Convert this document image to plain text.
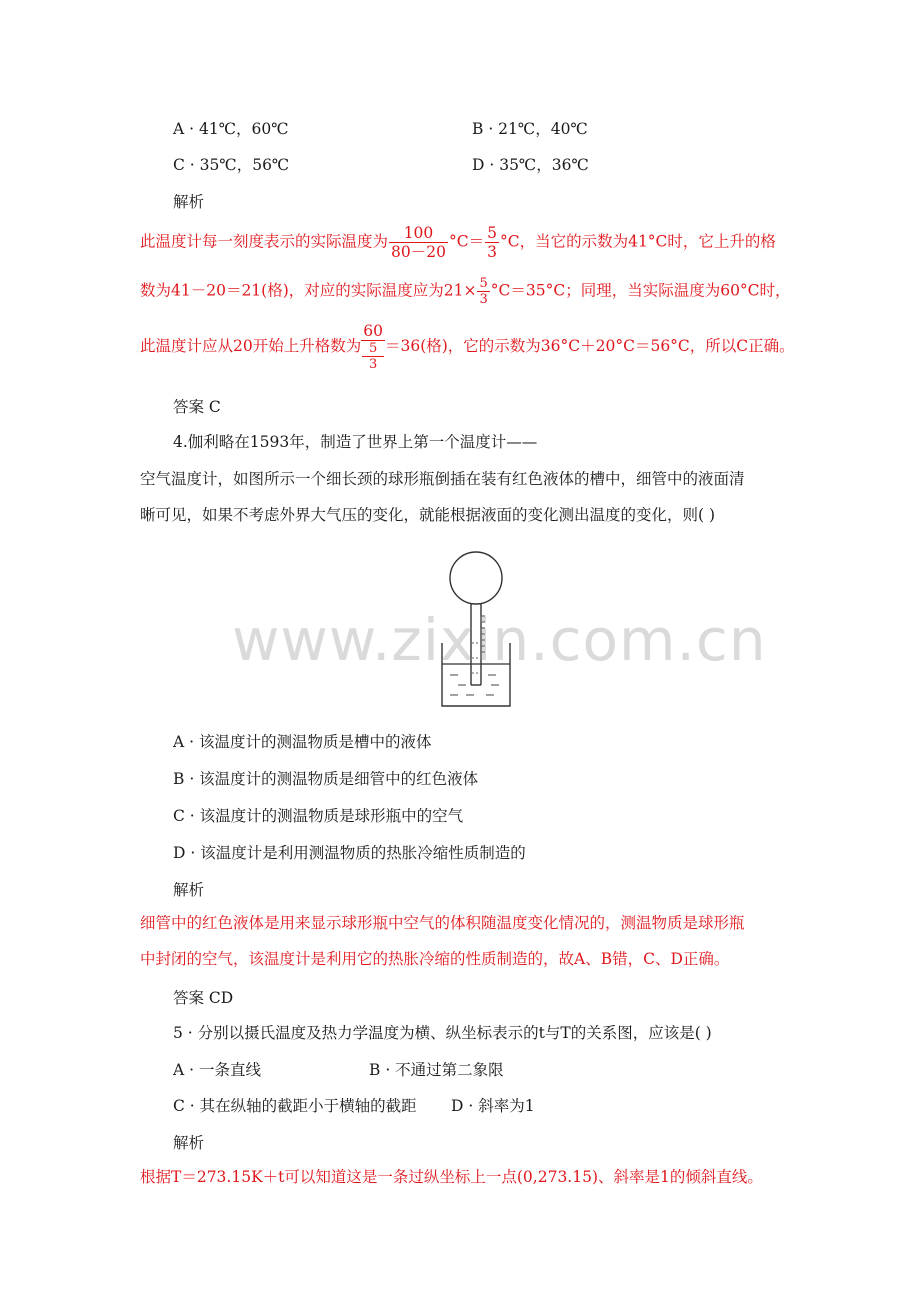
A · 41℃，60℃	B · 21℃，40℃
C · 35℃，56℃	D · 35℃，36℃
解析
此温度计每一刻度表示的实际温度为 $\frac{100}{80-20} ^\circ C= \frac{5}{3} ^\circ C$，当它的示数为41°C时，它上升的格
数为41－20＝21(格)，对应的实际温度应为$21\times \frac{5}{3} ^\circ C=35^\circ C$；同理，当实际温度为60°C时，
此温度计应从20开始上升格数为 60
5
3 ＝36(格)，它的示数为36°C＋20°C＝56°C，所以C正确。
答案 C
4.伽利略在1593年，制造了世界上第一个温度计——
空气温度计，如图所示一个细长颈的球形瓶倒插在装有红色液体的槽中，细管中的液面清
晰可见，如果不考虑外界大气压的变化，就能根据液面的变化测出温度的变化，则( )
www.zixin.com.cn
A · 该温度计的测温物质是槽中的液体
B · 该温度计的测温物质是细管中的红色液体
C · 该温度计的测温物质是球形瓶中的空气
D · 该温度计是利用测温物质的热胀冷缩性质制造的
解析
细管中的红色液体是用来显示球形瓶中空气的体积随温度变化情况的，测温物质是球形瓶
中封闭的空气，该温度计是利用它的热胀冷缩的性质制造的，故A、B错，C、D正确。
答案 CD
5 · 分别以摄氏温度及热力学温度为横、纵坐标表示的t与T的关系图，应该是( )
A · 一条直线	B · 不通过第二象限
C · 其在纵轴的截距小于横轴的截距 D · 斜率为1
解析
根据T＝273.15K＋t可以知道这是一条过纵坐标上一点(0,273.15)、斜率是1的倾斜直线。
